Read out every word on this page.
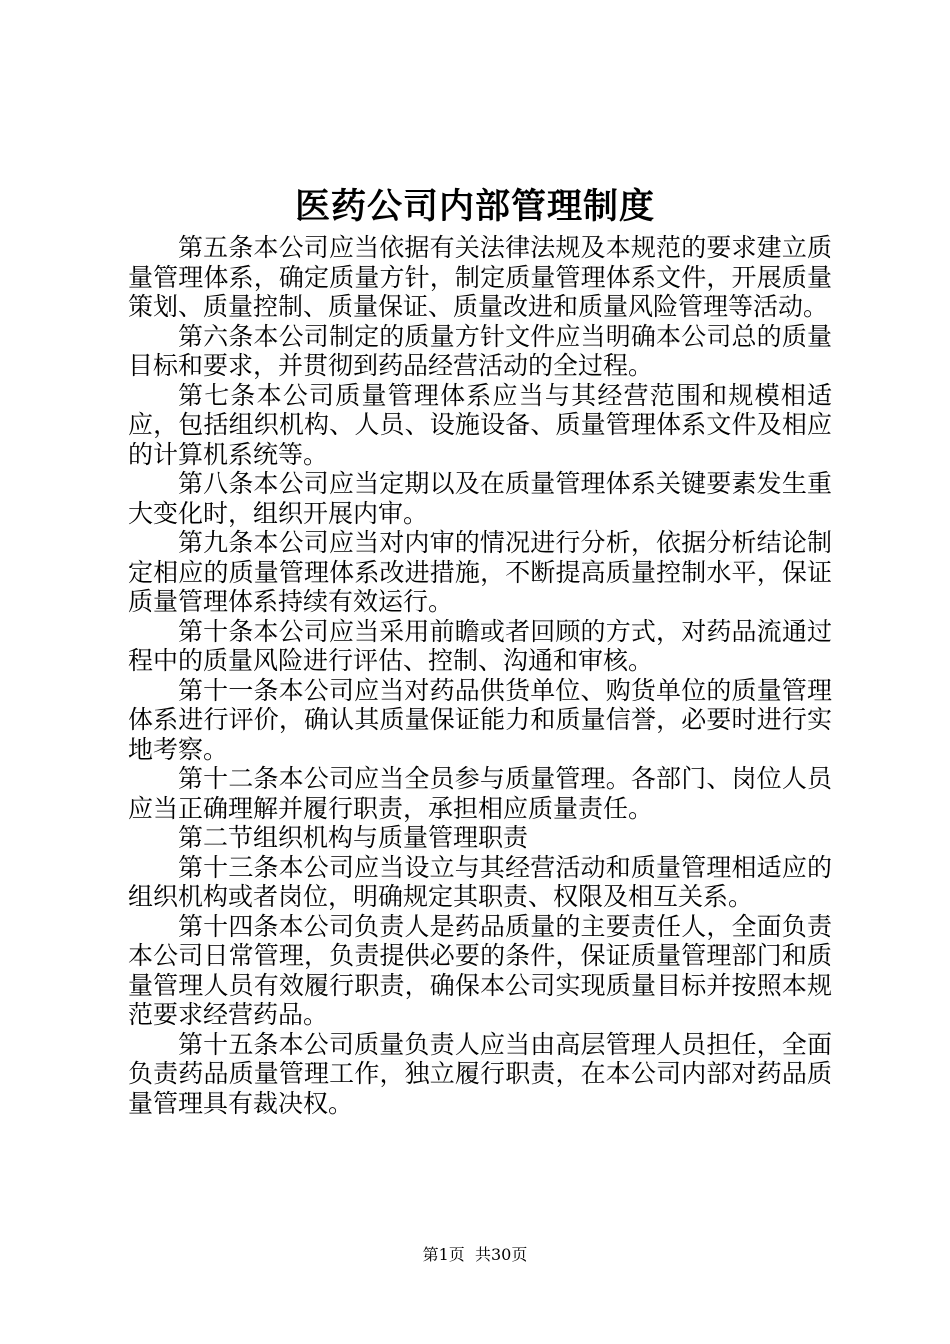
医药公司内部管理制度

第五条本公司应当依据有关法律法规及本规范的要求建立质量管理体系，确定质量方针，制定质量管理体系文件，开展质量策划、质量控制、质量保证、质量改进和质量风险管理等活动。

第六条本公司制定的质量方针文件应当明确本公司总的质量目标和要求，并贯彻到药品经营活动的全过程。

第七条本公司质量管理体系应当与其经营范围和规模相适应，包括组织机构、人员、设施设备、质量管理体系文件及相应的计算机系统等。

第八条本公司应当定期以及在质量管理体系关键要素发生重大变化时，组织开展内审。

第九条本公司应当对内审的情况进行分析，依据分析结论制定相应的质量管理体系改进措施，不断提高质量控制水平，保证质量管理体系持续有效运行。

第十条本公司应当采用前瞻或者回顾的方式，对药品流通过程中的质量风险进行评估、控制、沟通和审核。

第十一条本公司应当对药品供货单位、购货单位的质量管理体系进行评价，确认其质量保证能力和质量信誉，必要时进行实地考察。

第十二条本公司应当全员参与质量管理。各部门、岗位人员应当正确理解并履行职责，承担相应质量责任。

第二节组织机构与质量管理职责

第十三条本公司应当设立与其经营活动和质量管理相适应的组织机构或者岗位，明确规定其职责、权限及相互关系。

第十四条本公司负责人是药品质量的主要责任人，全面负责本公司日常管理，负责提供必要的条件，保证质量管理部门和质量管理人员有效履行职责，确保本公司实现质量目标并按照本规范要求经营药品。

第十五条本公司质量负责人应当由高层管理人员担任，全面负责药品质量管理工作，独立履行职责，在本公司内部对药品质量管理具有裁决权。

第1页 共30页
